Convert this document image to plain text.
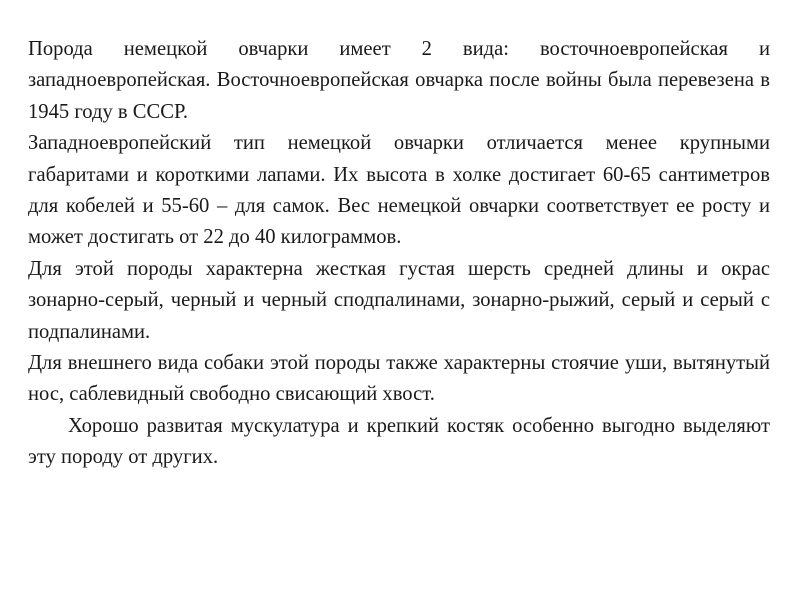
Порода немецкой овчарки имеет 2 вида: восточноевропейская и западноевропейская. Восточноевропейская овчарка после войны была перевезена в 1945 году в СССР.

Западноевропейский тип немецкой овчарки отличается менее крупными габаритами и короткими лапами. Их высота в холке достигает 60-65 сантиметров для кобелей и 55-60 – для самок. Вес немецкой овчарки соответствует ее росту и может достигать от 22 до 40 килограммов.

Для этой породы характерна жесткая густая шерсть средней длины и окрас зонарно-серый, черный и черный сподпалинами, зонарно-рыжий, серый и серый с подпалинами.

Для внешнего вида собаки этой породы также характерны стоячие уши, вытянутый нос, саблевидный свободно свисающий хвост.

Хорошо развитая мускулатура и крепкий костяк особенно выгодно выделяют эту породу от других.
